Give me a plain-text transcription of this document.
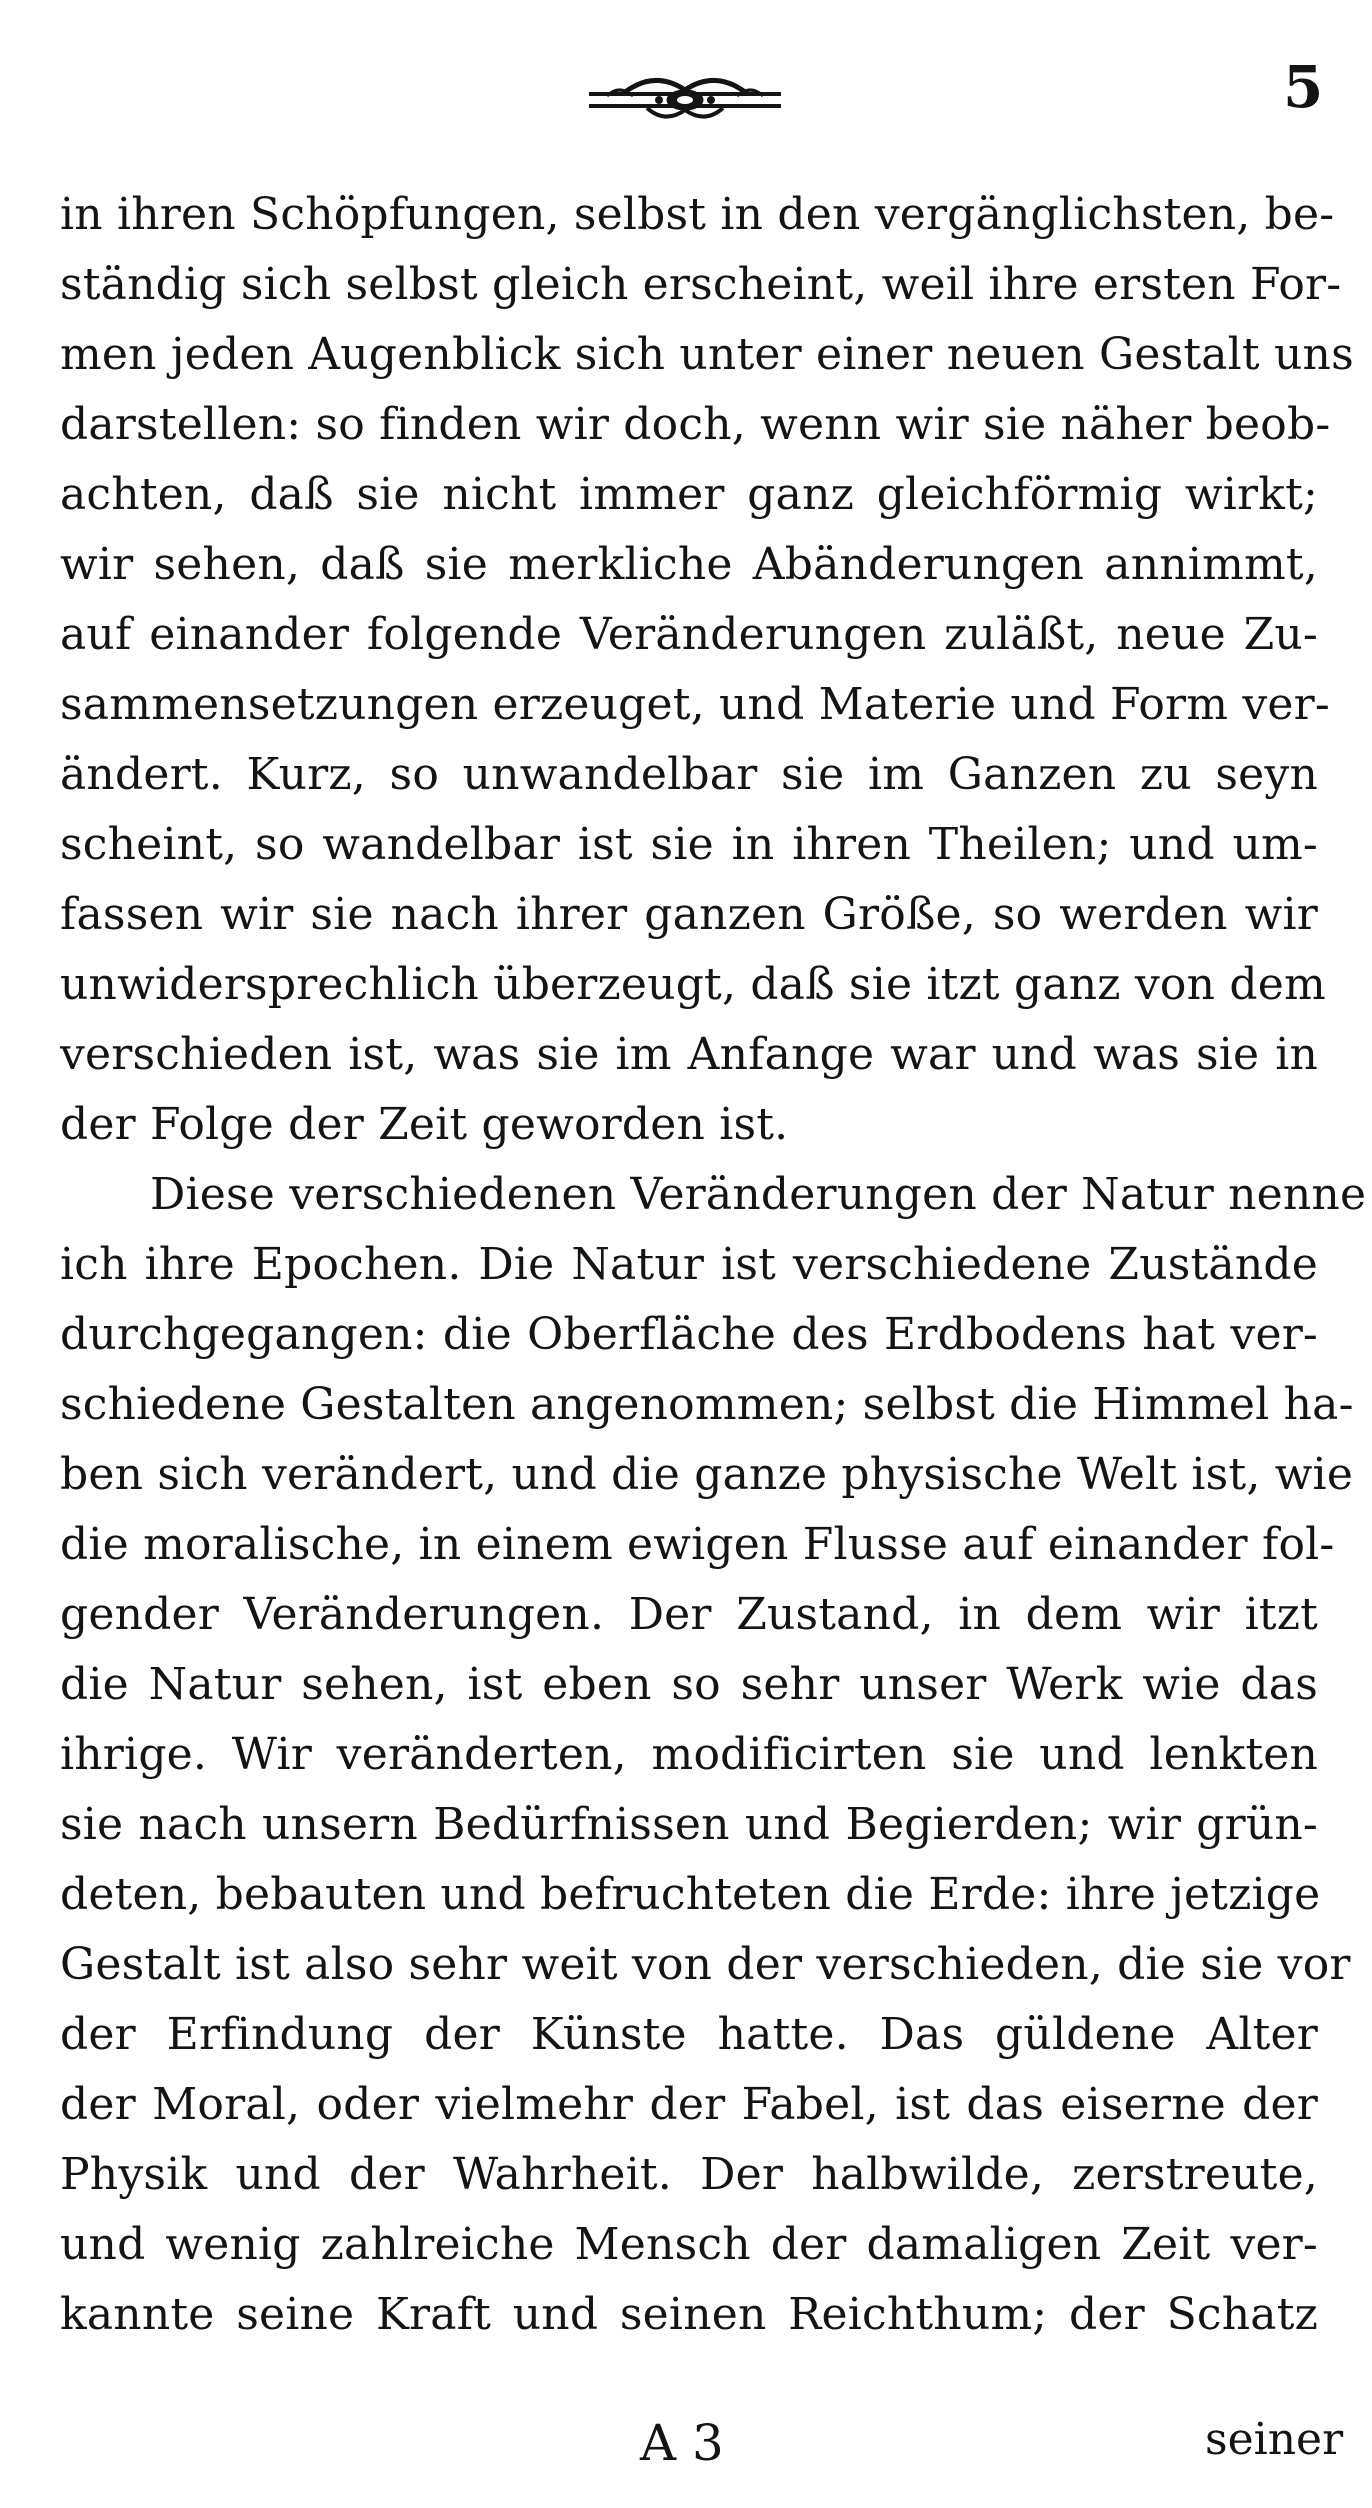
5
in ihren Schöpfungen, selbst in den vergänglichsten, be-
ständig sich selbst gleich erscheint, weil ihre ersten For-
men jeden Augenblick sich unter einer neuen Gestalt uns
darstellen: so finden wir doch, wenn wir sie näher beob-
achten, daß sie nicht immer ganz gleichförmig wirkt;
wir sehen, daß sie merkliche Abänderungen annimmt,
auf einander folgende Veränderungen zuläßt, neue Zu-
sammensetzungen erzeuget, und Materie und Form ver-
ändert. Kurz, so unwandelbar sie im Ganzen zu seyn
scheint, so wandelbar ist sie in ihren Theilen; und um-
fassen wir sie nach ihrer ganzen Größe, so werden wir
unwidersprechlich überzeugt, daß sie itzt ganz von dem
verschieden ist, was sie im Anfange war und was sie in
der Folge der Zeit geworden ist.
Diese verschiedenen Veränderungen der Natur nenne
ich ihre Epochen. Die Natur ist verschiedene Zustände
durchgegangen: die Oberfläche des Erdbodens hat ver-
schiedene Gestalten angenommen; selbst die Himmel ha-
ben sich verändert, und die ganze physische Welt ist, wie
die moralische, in einem ewigen Flusse auf einander fol-
gender Veränderungen. Der Zustand, in dem wir itzt
die Natur sehen, ist eben so sehr unser Werk wie das
ihrige. Wir veränderten, modificirten sie und lenkten
sie nach unsern Bedürfnissen und Begierden; wir grün-
deten, bebauten und befruchteten die Erde: ihre jetzige
Gestalt ist also sehr weit von der verschieden, die sie vor
der Erfindung der Künste hatte. Das güldene Alter
der Moral, oder vielmehr der Fabel, ist das eiserne der
Physik und der Wahrheit. Der halbwilde, zerstreute,
und wenig zahlreiche Mensch der damaligen Zeit ver-
kannte seine Kraft und seinen Reichthum; der Schatz
A 3	seiner
